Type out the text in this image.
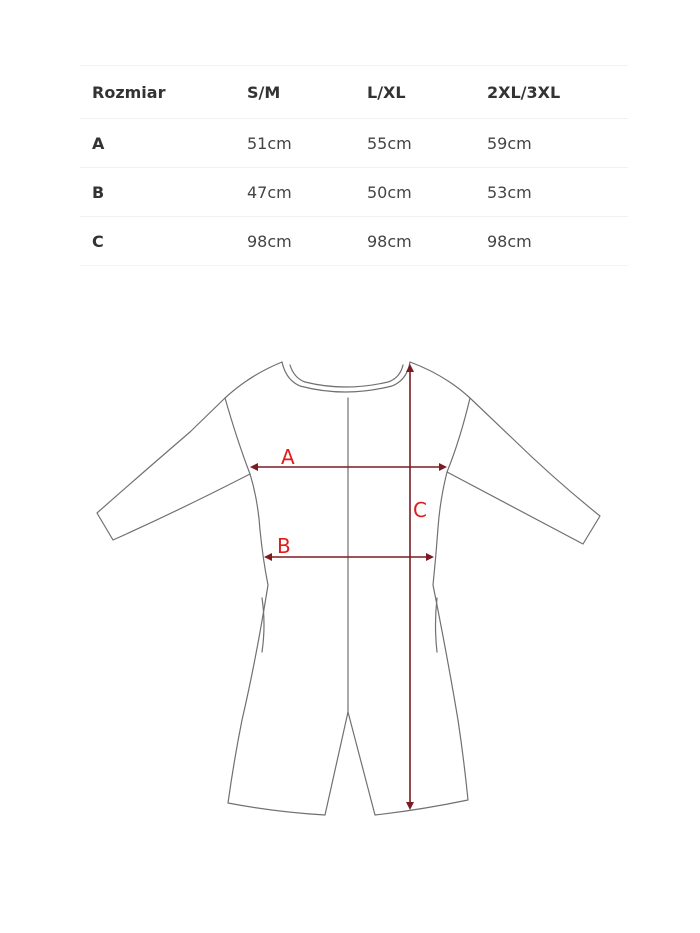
Rozmiar	S/M	L/XL	2XL/3XL
A	51cm	55cm	59cm
B	47cm	50cm	53cm
C	98cm	98cm	98cm
A
B
C
